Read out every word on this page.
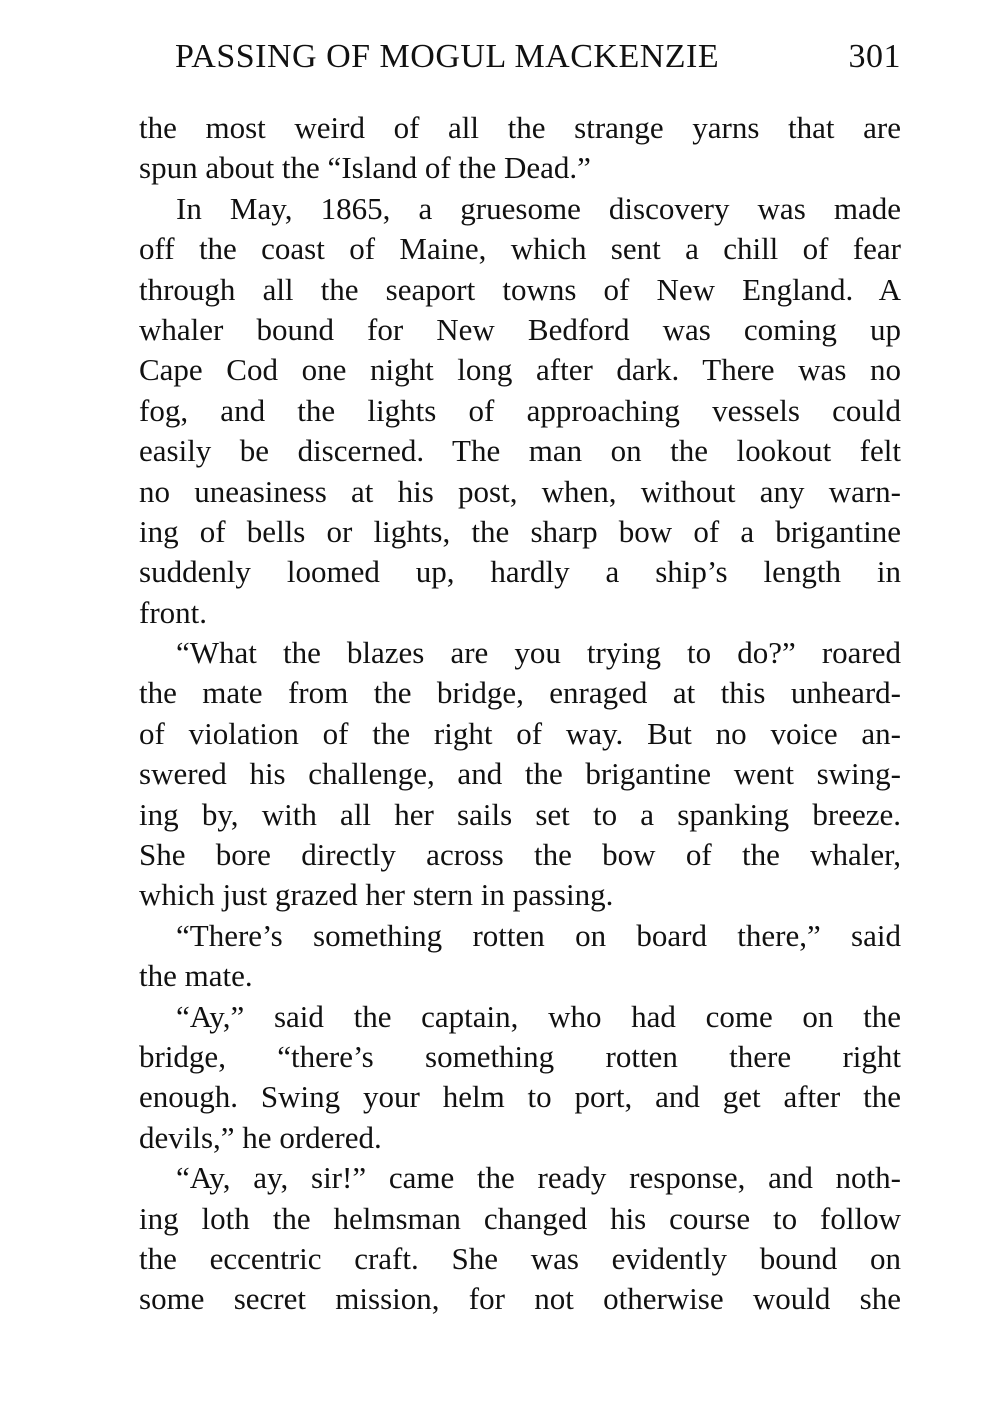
PASSING OF MOGUL MACKENZIE	301
the most weird of all the strange yarns that are
spun about the “Island of the Dead.”
In May, 1865, a gruesome discovery was made
off the coast of Maine, which sent a chill of fear
through all the seaport towns of New England. A
whaler bound for New Bedford was coming up
Cape Cod one night long after dark. There was no
fog, and the lights of approaching vessels could
easily be discerned. The man on the lookout felt
no uneasiness at his post, when, without any warn-
ing of bells or lights, the sharp bow of a brigantine
suddenly loomed up, hardly a ship’s length in
front.
“What the blazes are you trying to do?” roared
the mate from the bridge, enraged at this unheard-
of violation of the right of way. But no voice an-
swered his challenge, and the brigantine went swing-
ing by, with all her sails set to a spanking breeze.
She bore directly across the bow of the whaler,
which just grazed her stern in passing.
“There’s something rotten on board there,” said
the mate.
“Ay,” said the captain, who had come on the
bridge, “there’s something rotten there right
enough. Swing your helm to port, and get after the
devils,” he ordered.
“Ay, ay, sir!” came the ready response, and noth-
ing loth the helmsman changed his course to follow
the eccentric craft. She was evidently bound on
some secret mission, for not otherwise would she
